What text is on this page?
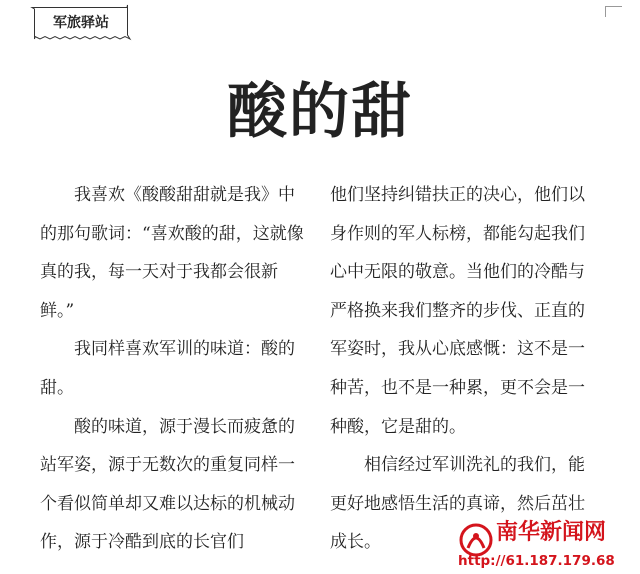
军旅驿站
酸的甜

我喜欢《酸酸甜甜就是我》中的那句歌词：“喜欢酸的甜，这就像真的我，每一天对于我都会很新鲜。”

我同样喜欢军训的味道：酸的甜。

酸的味道，源于漫长而疲惫的站军姿，源于无数次的重复同样一个看似简单却又难以达标的机械动作，源于冷酷到底的长官们

他们坚持纠错扶正的决心，他们以身作则的军人标榜，都能勾起我们心中无限的敬意。当他们的冷酷与严格换来我们整齐的步伐、正直的军姿时，我从心底感慨：这不是一种苦，也不是一种累，更不会是一种酸，它是甜的。

相信经过军训洗礼的我们，能更好地感悟生活的真谛，然后茁壮成长。	南华新闻网
http://61.187.179.68
